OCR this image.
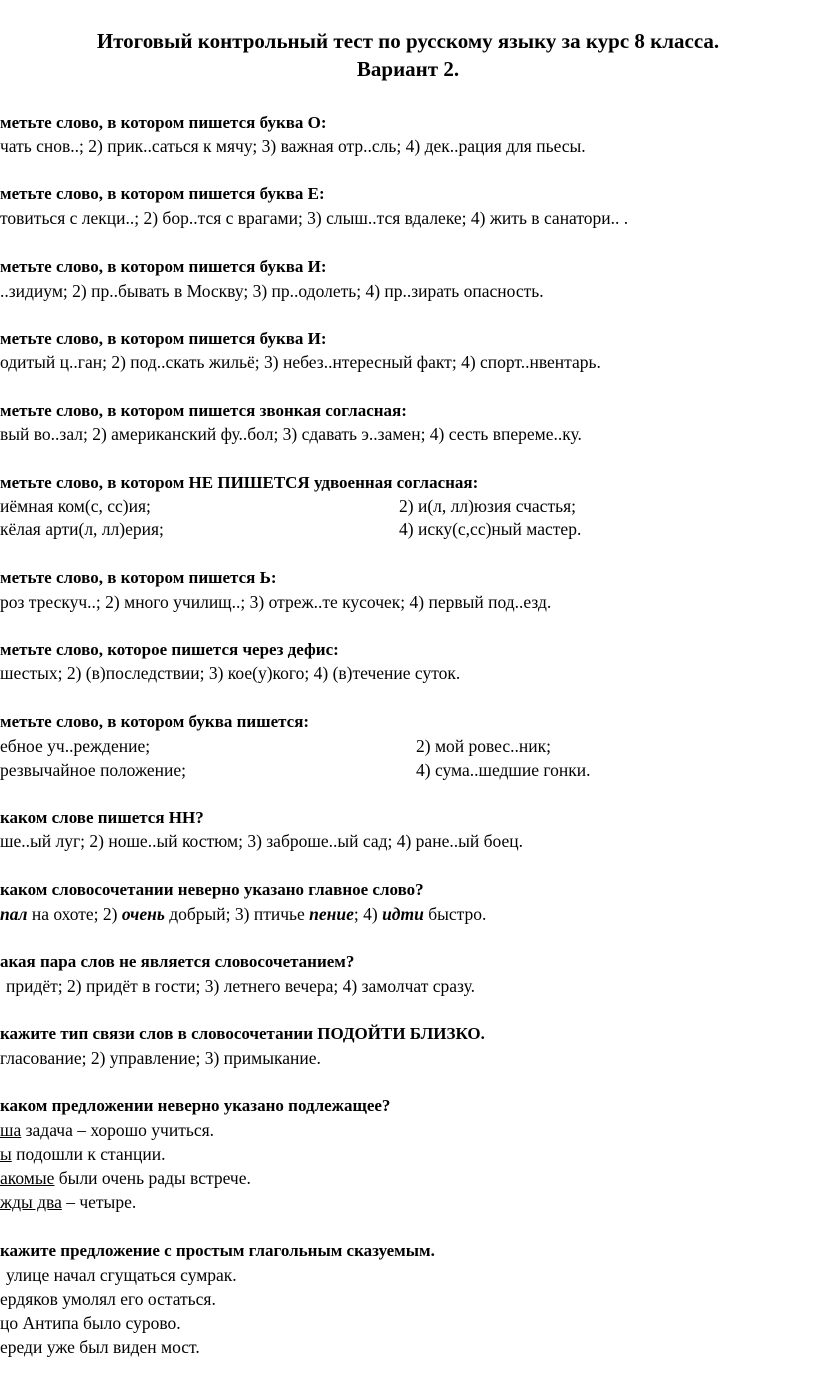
Итоговый контрольный тест по русскому языку за курс 8 класса.
Вариант 2.
метьте слово, в котором пишется буква О:
чать снов..; 2) прик..саться к мячу; 3) важная отр..сль; 4) дек..рация для пьесы.
метьте слово, в котором пишется буква Е:
товиться с лекци..; 2) бор..тся с врагами; 3) слыш..тся вдалеке; 4) жить в санатори.. .
метьте слово, в котором пишется буква И:
..зидиум; 2) пр..бывать в Москву; 3) пр..одолеть; 4) пр..зирать опасность.
метьте слово, в котором пишется буква И:
одитый ц..ган; 2) под..скать жильё; 3) небез..нтересный факт; 4) спорт..нвентарь.
метьте слово, в котором пишется звонкая согласная:
вый во..зал; 2) американский фу..бол; 3) сдавать э..замен; 4) сесть впереме..ку.
метьте слово, в котором НЕ ПИШЕТСЯ удвоенная согласная:
иёмная ком(с, сс)ия;	2) и(л, лл)юзия счастья;
кёлая арти(л, лл)ерия;	4) иску(с,сс)ный мастер.
метьте слово, в котором пишется Ь:
роз трескуч..; 2) много училищ..; 3) отреж..те кусочек; 4) первый под..езд.
метьте слово, которое пишется через дефис:
шестых; 2) (в)последствии; 3) кое(у)кого; 4) (в)течение суток.
метьте слово, в котором буква пишется:
ебное уч..реждение;	2) мой ровес..ник;
резвычайное положение;	4) сума..шедшие гонки.
каком слове пишется НН?
ше..ый луг; 2) ноше..ый костюм; 3) заброше..ый сад; 4) ране..ый боец.
каком словосочетании неверно указано главное слово?
пал на охоте; 2) очень добрый; 3) птичье пение; 4) идти быстро.
акая пара слов не является словосочетанием?
придёт; 2) придёт в гости; 3) летнего вечера; 4) замолчат сразу.
кажите тип связи слов в словосочетании ПОДОЙТИ БЛИЗКО.
гласование; 2) управление; 3) примыкание.
каком предложении неверно указано подлежащее?
ша задача – хорошо учиться.
ы подошли к станции.
акомые были очень рады встрече.
жды два – четыре.
кажите предложение с простым глагольным сказуемым.
улице начал сгущаться сумрак.
ердяков умолял его остаться.
цо Антипа было сурово.
ереди уже был виден мост.
